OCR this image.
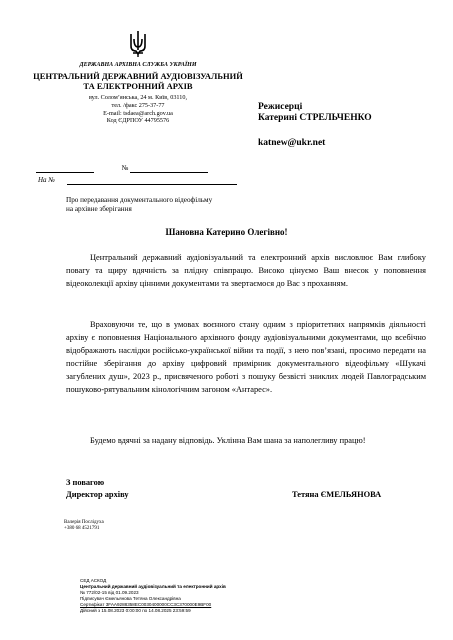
ДЕРЖАВНА АРХІВНА СЛУЖБА УКРАЇНИ
ЦЕНТРАЛЬНИЙ ДЕРЖАВНИЙ АУДІОВІЗУАЛЬНИЙ ТА ЕЛЕКТРОННИЙ АРХІВ
вул. Солом’янська, 24 м. Київ, 03110,
тел. /факс 275-37-77
E-mail: tsdaea@arch.gov.ua
Код ЄДРПОУ 44795576
№
На №
Режисерці
Катерині СТРЕЛЬЧЕНКО
katnew@ukr.net
Про передавання документального відеофільму на архівне зберігання
Шановна Катерино Олегівно!
Центральний державний аудіовізуальний та електронний архів висловлює Вам глибоку повагу та щиру вдячність за плідну співпрацю. Високо цінуємо Ваш внесок у поповнення відеоколекції архіву цінними документами та звертаємося до Вас з проханням.
Враховуючи те, що в умовах воєнного стану одним з пріоритетних напрямків діяльності архіву є поповнення Національного архівного фонду аудіовізуальними документами, що всебічно відображають наслідки російсько-української війни та події, з нею пов’язані, просимо передати на постійне зберігання до архіву цифровий примірник документального відеофільму «Шукачі загублених душ», 2023 р., присвяченого роботі з пошуку безвісті зниклих людей Павлоградським пошуково-рятувальним кінологічним загоном «Антарес».
Будемо вдячні за надану відповідь. Уклінна Вам шана за наполегливу працю!
З повагою
Директор архіву	Тетяна ЄМЕЛЬЯНОВА
Валерія Пocлідуха
+380 68 4521791
СЕД АСКОД
Центральний державний аудіовізуальний та електронний архів
№ 772/02-15 від 01.09.2023
Підписувач Ємельянова Тетяна Олександрівна
Сертифікат 3FAA9288358EC0030400000CC3C370000E9BF00
Дійсний з 15.08.2023 0:00:00 по 14.08.2025 23:59:59
